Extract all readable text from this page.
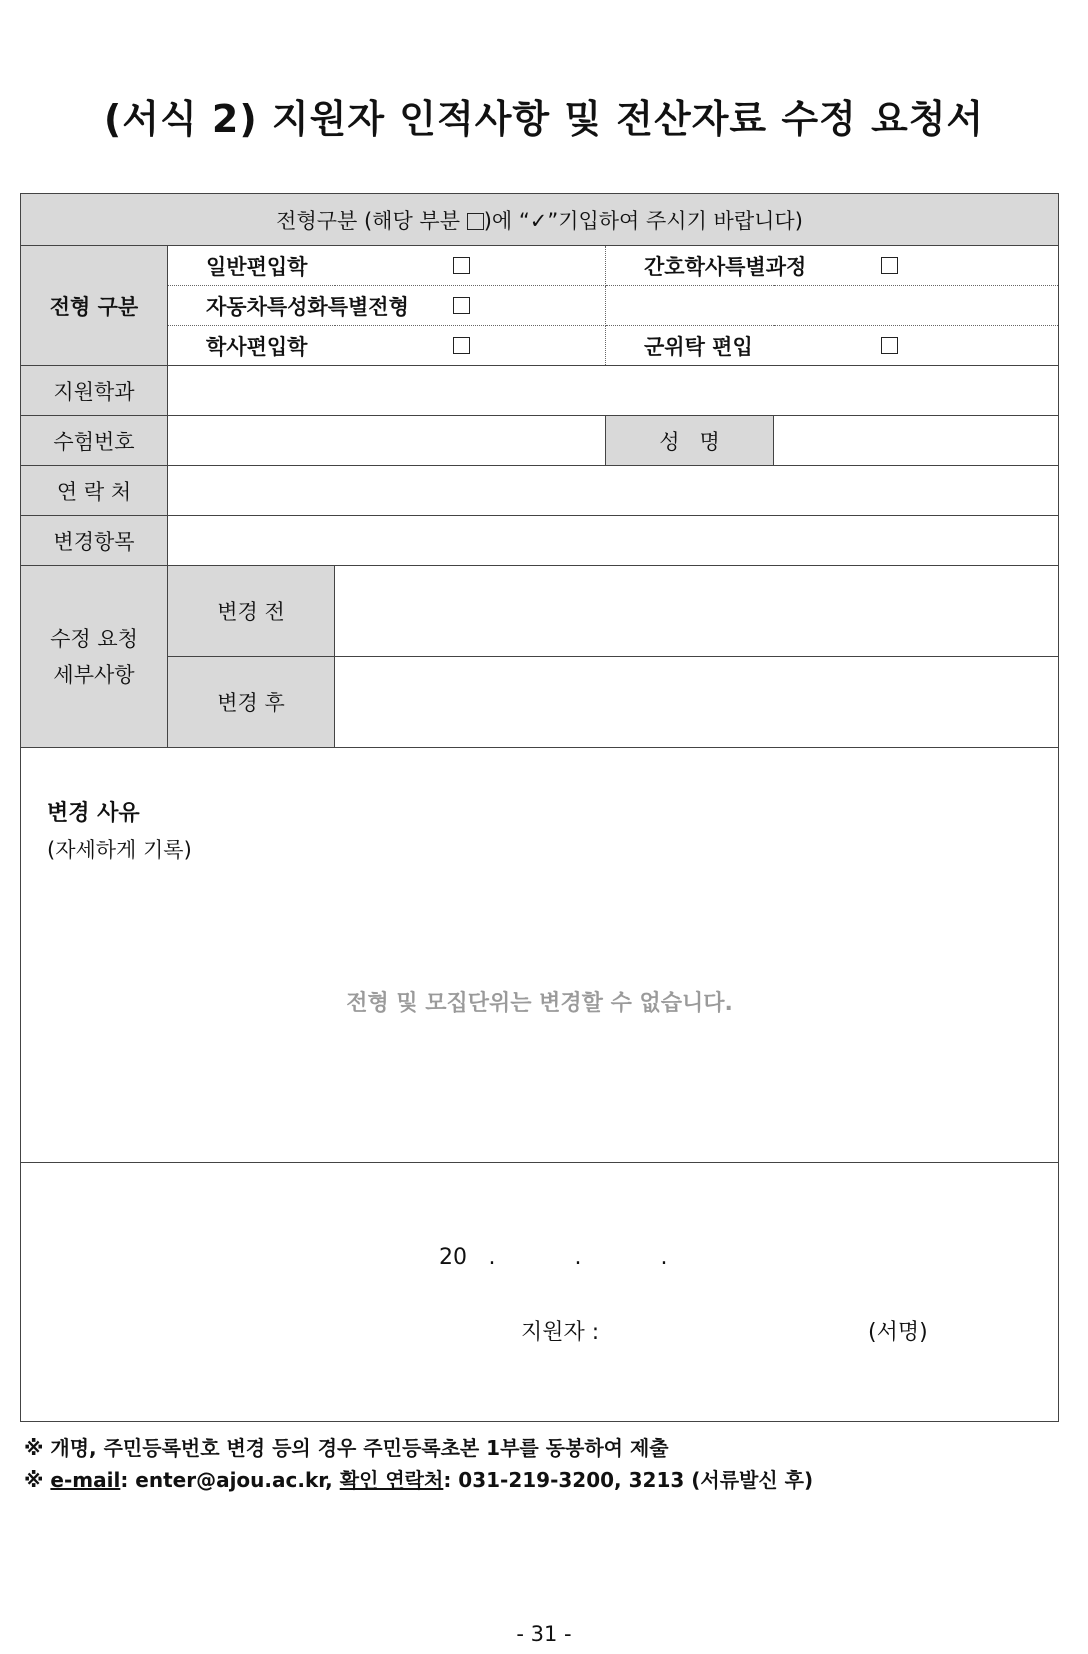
(서식 2) 지원자 인적사항 및 전산자료 수정 요청서
전형구분 (해당 부분 )에 “✓”기입하여 주시기 바랍니다)				
전형 구분	일반편입학		간호학사특별과정	

	자동차특성화특별전형			

	학사편입학		군위탁 편입	

지원학과				
수험번호			성   명	
연 락 처				
변경항목				

수정 요청
세부사항	변경 전			
	변경 후			

변경 사유
(자세하게 기록)
전형 및 모집단위는 변경할 수 없습니다.				

20 . . .
지원자 : (서명)				
※ 개명, 주민등록번호 변경 등의 경우 주민등록초본 1부를 동봉하여 제출
※ e-mail: enter@ajou.ac.kr, 확인 연락처: 031-219-3200, 3213 (서류발신 후)
- 31 -
